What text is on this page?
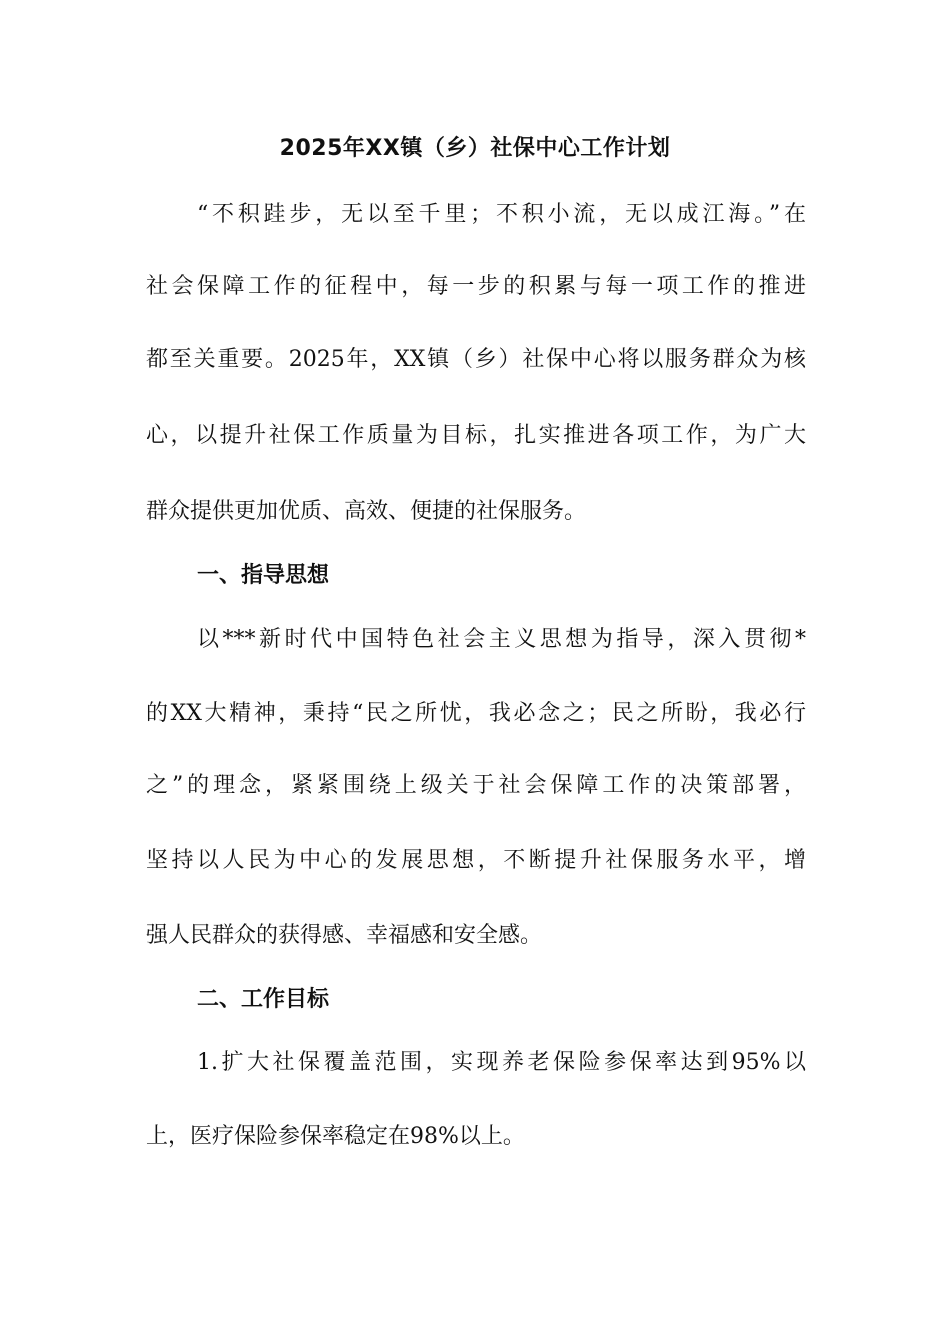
2025年XX镇（乡）社保中心工作计划
“不积跬步，无以至千里；不积小流，无以成江海。”在
社会保障工作的征程中，每一步的积累与每一项工作的推进
都至关重要。2025年，XX镇（乡）社保中心将以服务群众为核
心，以提升社保工作质量为目标，扎实推进各项工作，为广大
群众提供更加优质、高效、便捷的社保服务。
一、指导思想
以***新时代中国特色社会主义思想为指导，深入贯彻*
的XX大精神，秉持“民之所忧，我必念之；民之所盼，我必行
之”的理念，紧紧围绕上级关于社会保障工作的决策部署，
坚持以人民为中心的发展思想，不断提升社保服务水平，增
强人民群众的获得感、幸福感和安全感。
二、工作目标
1.扩大社保覆盖范围，实现养老保险参保率达到95%以
上，医疗保险参保率稳定在98%以上。
